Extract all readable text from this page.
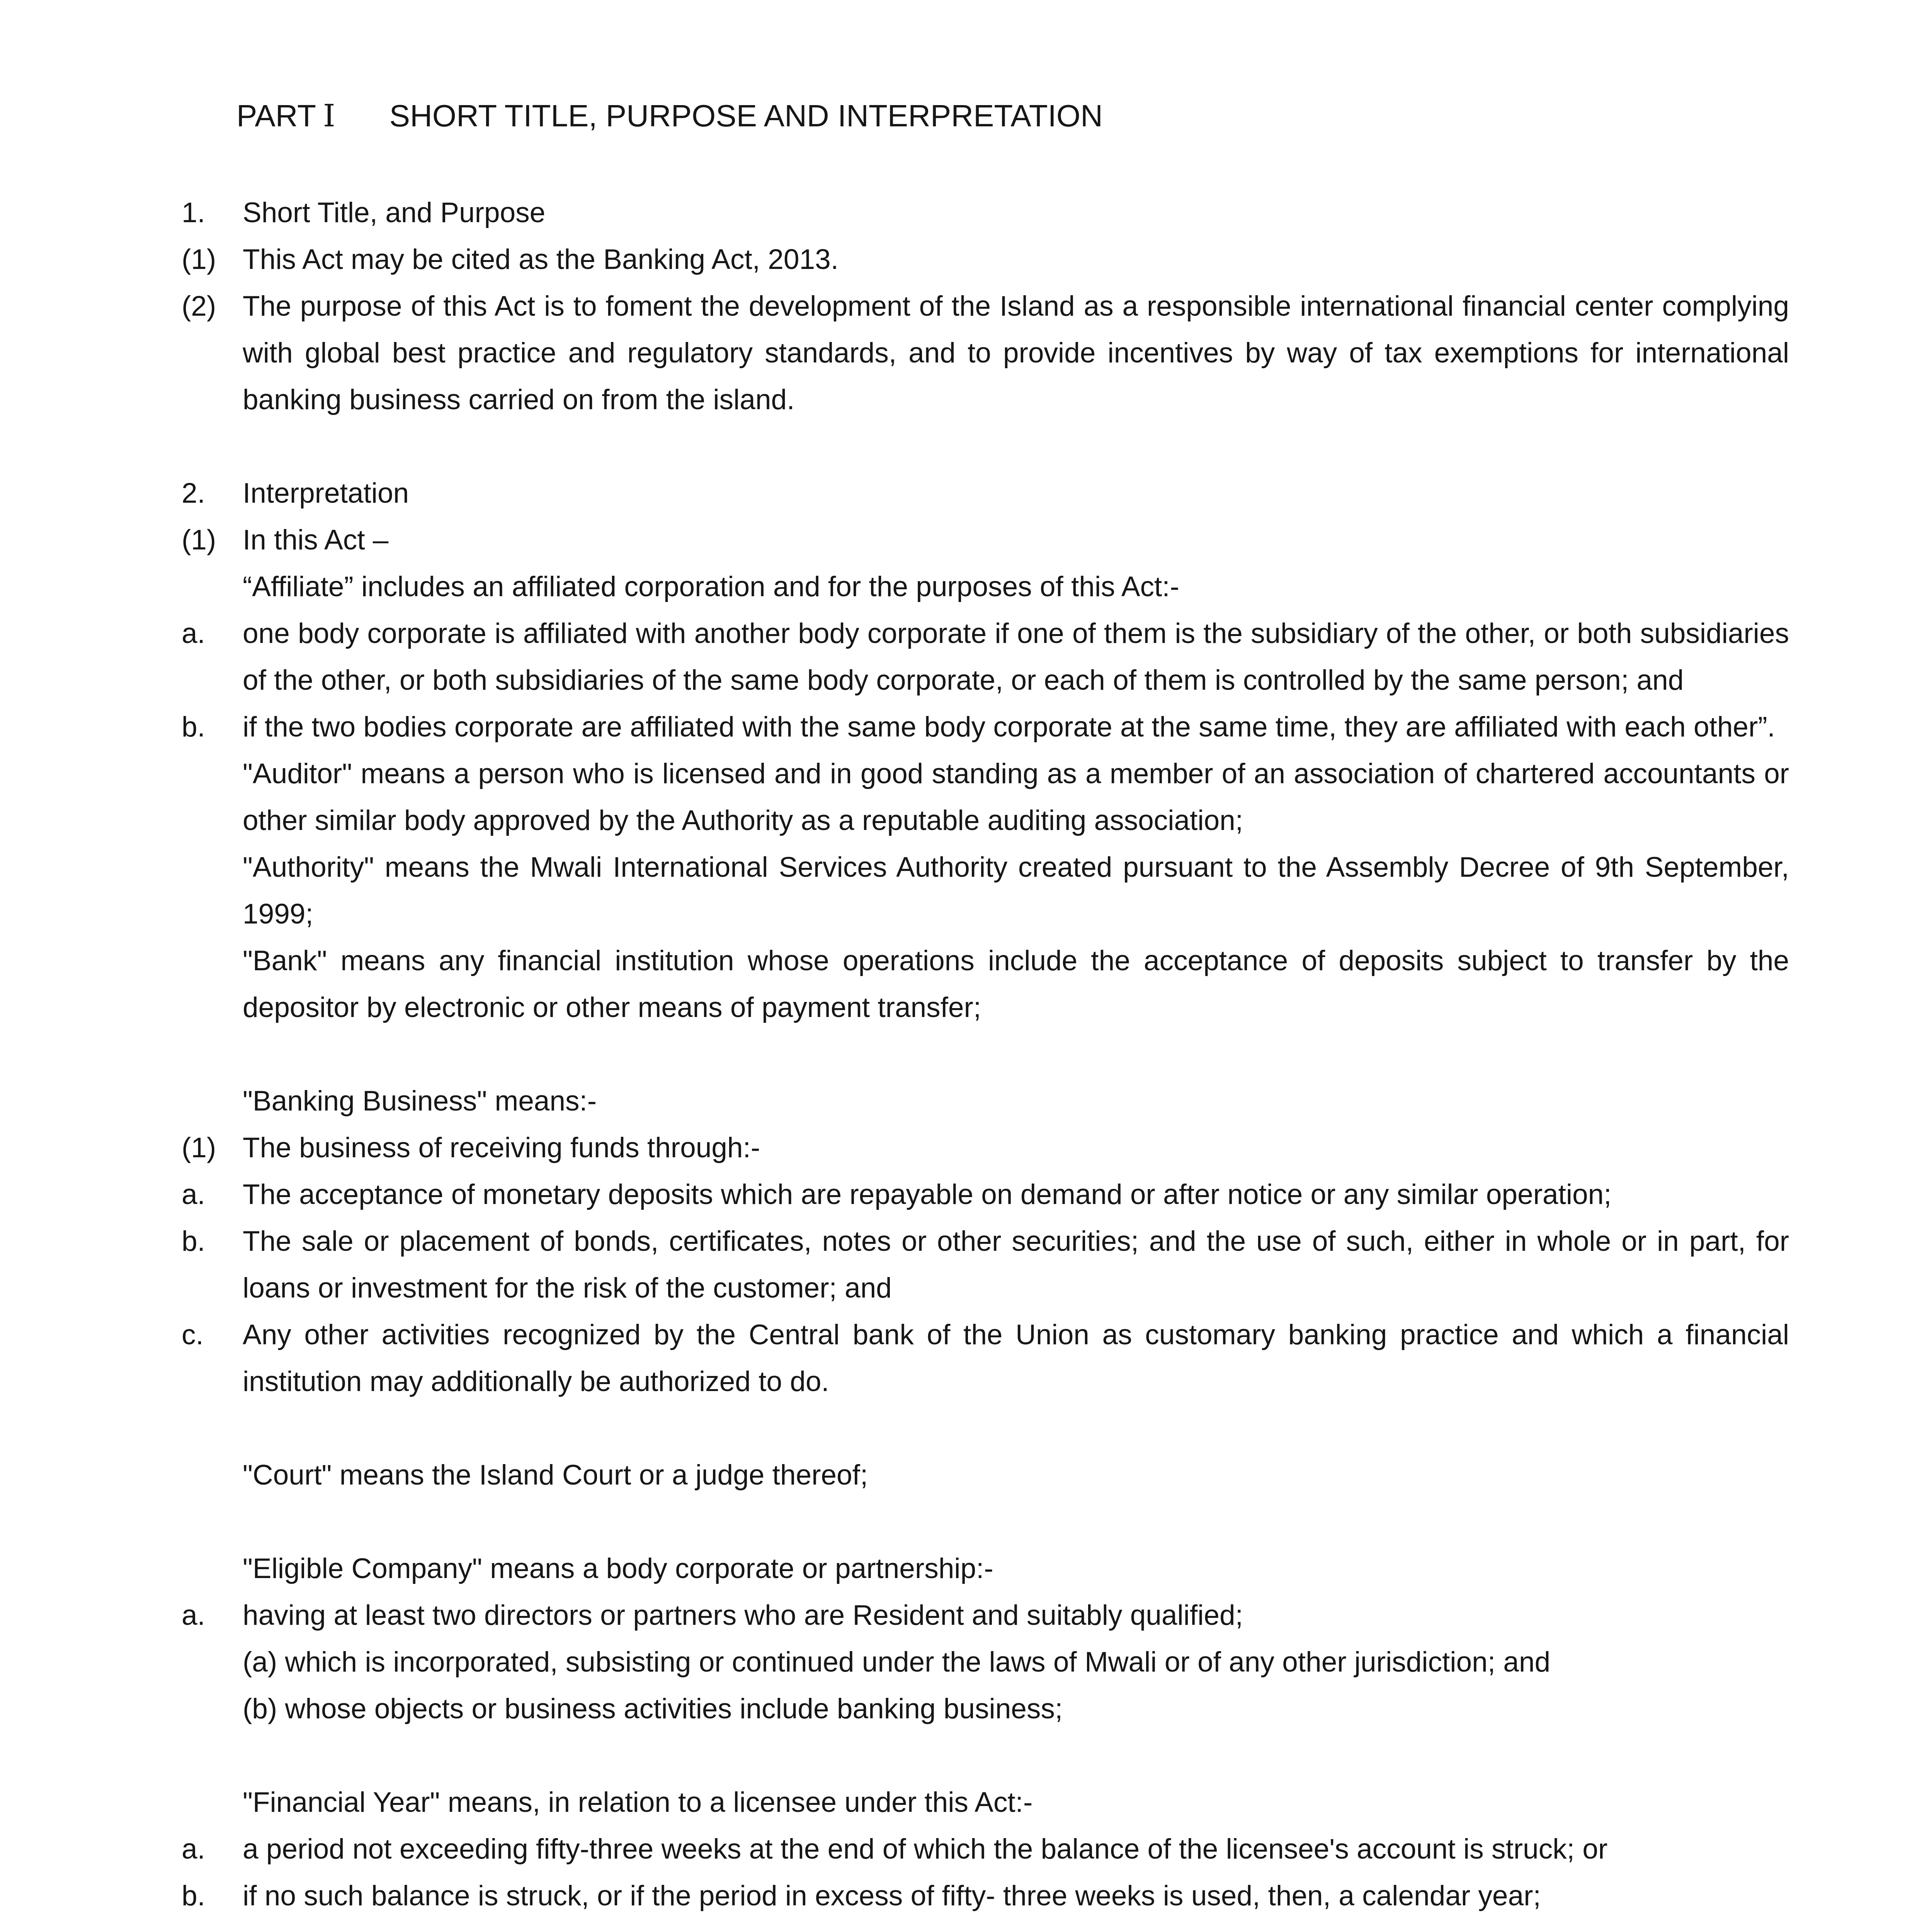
PART Ⅰ SHORT TITLE, PURPOSE AND INTERPRETATION
1. Short Title, and Purpose
(1) This Act may be cited as the Banking Act, 2013.
(2) The purpose of this Act is to foment the development of the Island as a responsible international financial center complying with global best practice and regulatory standards, and to provide incentives by way of tax exemptions for international banking business carried on from the island.
2. Interpretation
(1) In this Act –
“Affiliate” includes an affiliated corporation and for the purposes of this Act:-
a. one body corporate is affiliated with another body corporate if one of them is the subsidiary of the other, or both subsidiaries of the other, or both subsidiaries of the same body corporate, or each of them is controlled by the same person; and
b. if the two bodies corporate are affiliated with the same body corporate at the same time, they are affiliated with each other”.
"Auditor" means a person who is licensed and in good standing as a member of an association of chartered accountants or other similar body approved by the Authority as a reputable auditing association;
"Authority" means the Mwali International Services Authority created pursuant to the Assembly Decree of 9th September, 1999;
"Bank" means any financial institution whose operations include the acceptance of deposits subject to transfer by the depositor by electronic or other means of payment transfer;
"Banking Business" means:-
(1) The business of receiving funds through:-
a. The acceptance of monetary deposits which are repayable on demand or after notice or any similar operation;
b. The sale or placement of bonds, certificates, notes or other securities; and the use of such, either in whole or in part, for loans or investment for the risk of the customer; and
c. Any other activities recognized by the Central bank of the Union as customary banking practice and which a financial institution may additionally be authorized to do.
"Court" means the Island Court or a judge thereof;
"Eligible Company" means a body corporate or partnership:-
a. having at least two directors or partners who are Resident and suitably qualified;
(a) which is incorporated, subsisting or continued under the laws of Mwali or of any other jurisdiction; and
(b) whose objects or business activities include banking business;
"Financial Year" means, in relation to a licensee under this Act:-
a. a period not exceeding fifty-three weeks at the end of which the balance of the licensee's account is struck; or
b. if no such balance is struck, or if the period in excess of fifty- three weeks is used, then, a calendar year;
